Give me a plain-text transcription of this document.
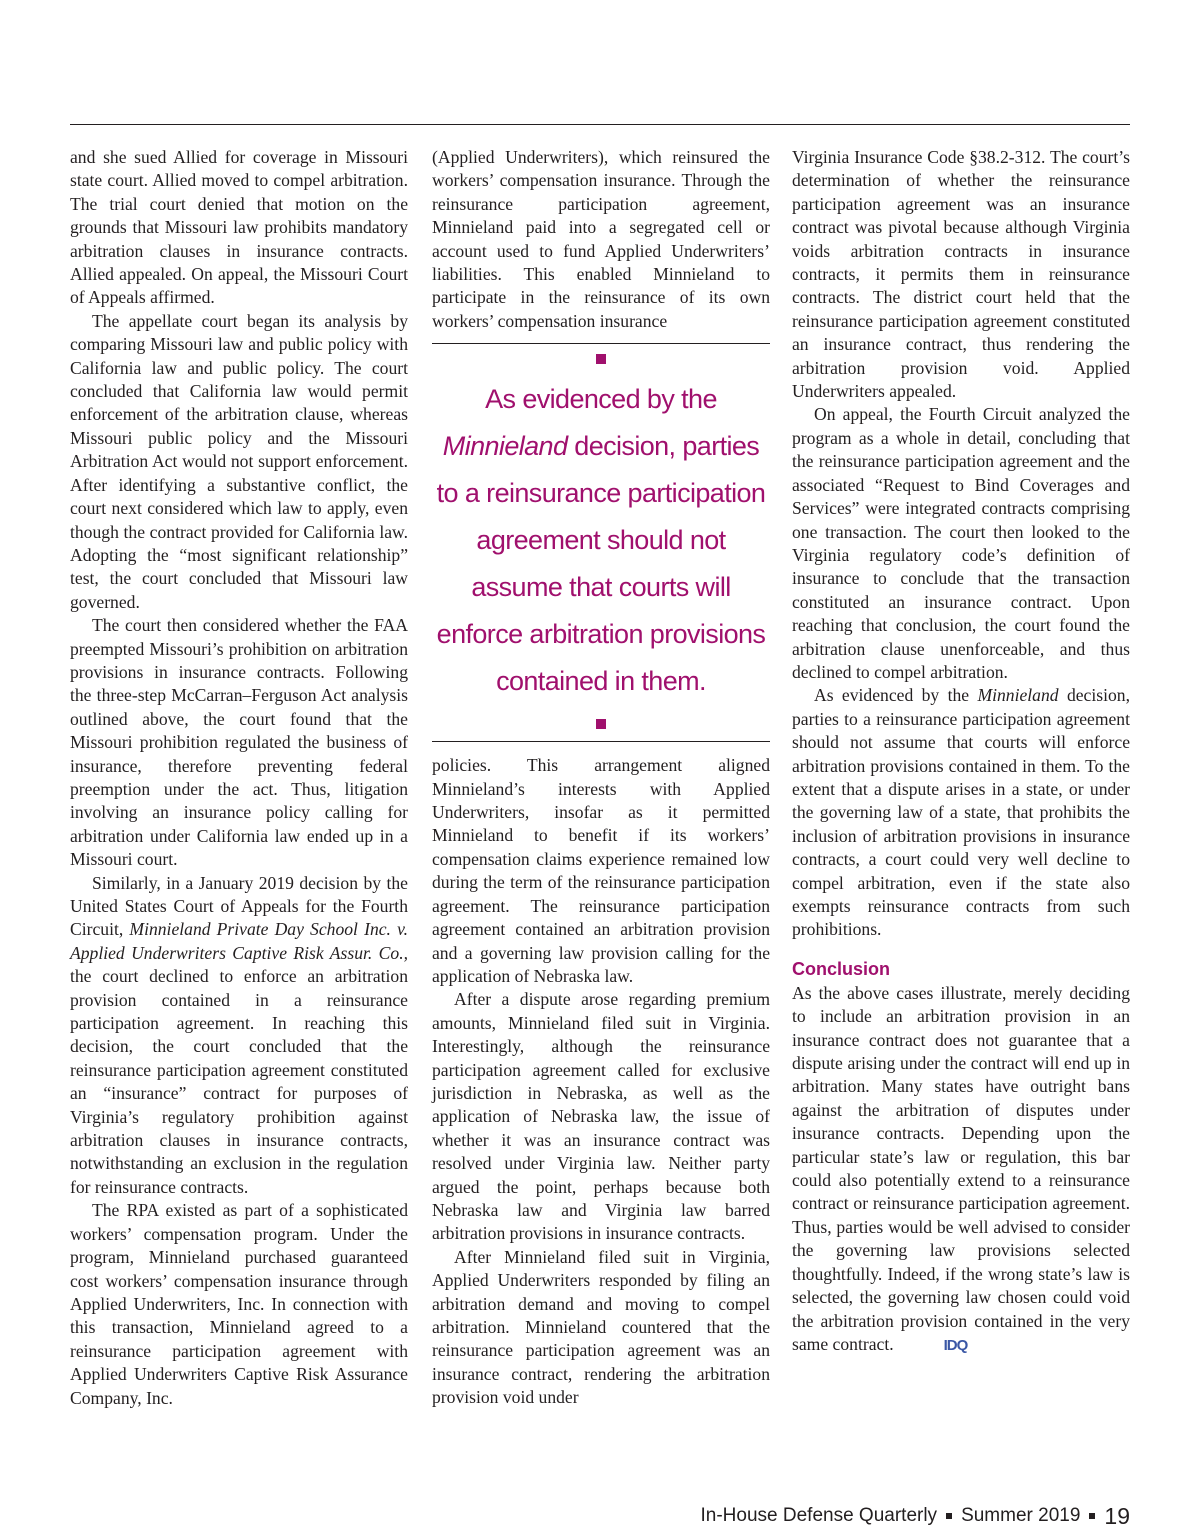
and she sued Allied for coverage in Missouri state court. Allied moved to compel arbitration. The trial court denied that motion on the grounds that Missouri law prohibits mandatory arbitration clauses in insurance contracts. Allied appealed. On appeal, the Missouri Court of Appeals affirmed.

The appellate court began its analysis by comparing Missouri law and public policy with California law and public policy. The court concluded that California law would permit enforcement of the arbitration clause, whereas Missouri public policy and the Missouri Arbitration Act would not support enforcement. After identifying a substantive conflict, the court next considered which law to apply, even though the contract provided for California law. Adopting the “most significant relationship” test, the court concluded that Missouri law governed.

The court then considered whether the FAA preempted Missouri’s prohibition on arbitration provisions in insurance contracts. Following the three-step McCarran–Ferguson Act analysis outlined above, the court found that the Missouri prohibition regulated the business of insurance, therefore preventing federal preemption under the act. Thus, litigation involving an insurance policy calling for arbitration under California law ended up in a Missouri court.

Similarly, in a January 2019 decision by the United States Court of Appeals for the Fourth Circuit, Minnieland Private Day School Inc. v. Applied Underwriters Captive Risk Assur. Co., the court declined to enforce an arbitration provision contained in a reinsurance participation agreement. In reaching this decision, the court concluded that the reinsurance participation agreement constituted an “insurance” contract for purposes of Virginia’s regulatory prohibition against arbitration clauses in insurance contracts, notwithstanding an exclusion in the regulation for reinsurance contracts.

The RPA existed as part of a sophisticated workers’ compensation program. Under the program, Minnieland purchased guaranteed cost workers’ compensation insurance through Applied Underwriters, Inc. In connection with this transaction, Minnieland agreed to a reinsurance participation agreement with Applied Underwriters Captive Risk Assurance Company, Inc.

(Applied Underwriters), which reinsured the workers’ compensation insurance. Through the reinsurance participation agreement, Minnieland paid into a segregated cell or account used to fund Applied Underwriters’ liabilities. This enabled Minnieland to participate in the reinsurance of its own workers’ compensation insurance

As evidenced by the Minnieland decision, parties to a reinsurance participation agreement should not assume that courts will enforce arbitration provisions contained in them.

policies. This arrangement aligned Minnieland’s interests with Applied Underwriters, insofar as it permitted Minnieland to benefit if its workers’ compensation claims experience remained low during the term of the reinsurance participation agreement. The reinsurance participation agreement contained an arbitration provision and a governing law provision calling for the application of Nebraska law.

After a dispute arose regarding premium amounts, Minnieland filed suit in Virginia. Interestingly, although the reinsurance participation agreement called for exclusive jurisdiction in Nebraska, as well as the application of Nebraska law, the issue of whether it was an insurance contract was resolved under Virginia law. Neither party argued the point, perhaps because both Nebraska law and Virginia law barred arbitration provisions in insurance contracts.

After Minnieland filed suit in Virginia, Applied Underwriters responded by filing an arbitration demand and moving to compel arbitration. Minnieland countered that the reinsurance participation agreement was an insurance contract, rendering the arbitration provision void under

Virginia Insurance Code §38.2-312. The court’s determination of whether the reinsurance participation agreement was an insurance contract was pivotal because although Virginia voids arbitration contracts in insurance contracts, it permits them in reinsurance contracts. The district court held that the reinsurance participation agreement constituted an insurance contract, thus rendering the arbitration provision void. Applied Underwriters appealed.

On appeal, the Fourth Circuit analyzed the program as a whole in detail, concluding that the reinsurance participation agreement and the associated “Request to Bind Coverages and Services” were integrated contracts comprising one transaction. The court then looked to the Virginia regulatory code’s definition of insurance to conclude that the transaction constituted an insurance contract. Upon reaching that conclusion, the court found the arbitration clause unenforceable, and thus declined to compel arbitration.

As evidenced by the Minnieland decision, parties to a reinsurance participation agreement should not assume that courts will enforce arbitration provisions contained in them. To the extent that a dispute arises in a state, or under the governing law of a state, that prohibits the inclusion of arbitration provisions in insurance contracts, a court could very well decline to compel arbitration, even if the state also exempts reinsurance contracts from such prohibitions.

Conclusion

As the above cases illustrate, merely deciding to include an arbitration provision in an insurance contract does not guarantee that a dispute arising under the contract will end up in arbitration. Many states have outright bans against the arbitration of disputes under insurance contracts. Depending upon the particular state’s law or regulation, this bar could also potentially extend to a reinsurance contract or reinsurance participation agreement. Thus, parties would be well advised to consider the governing law provisions selected thoughtfully. Indeed, if the wrong state’s law is selected, the governing law chosen could void the arbitration provision contained in the very same contract.	IDQ

In-House Defense Quarterly Summer 2019 19
